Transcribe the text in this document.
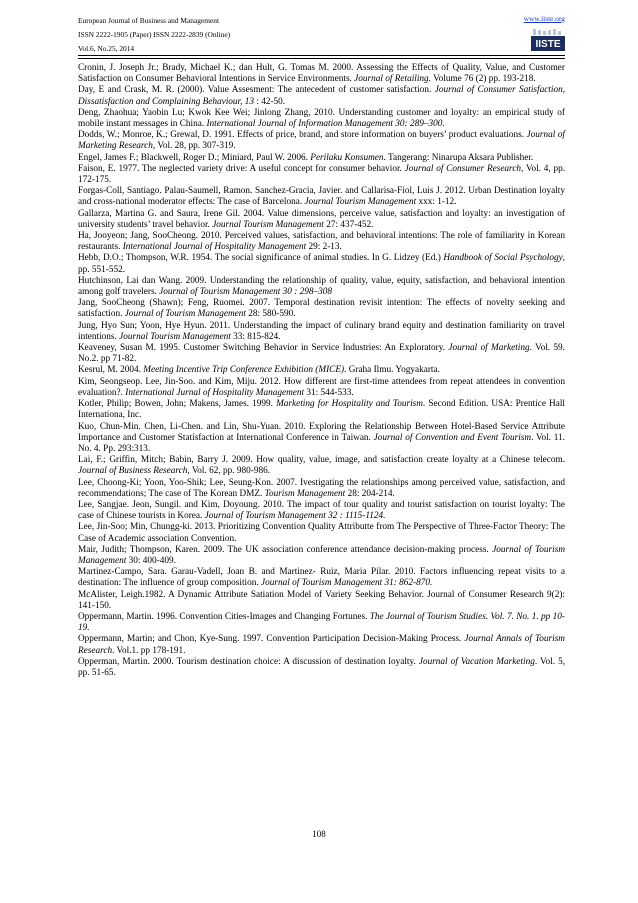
European Journal of Business and Management
ISSN 2222-1905 (Paper) ISSN 2222-2839 (Online)
Vol.6, No.25, 2014
www.iiste.org
IISTE

Cronin, J. Joseph Jr.; Brady, Michael K.; dan Hult, G. Tomas M. 2000. Assessing the Effects of Quality, Value, and Customer Satisfaction on Consumer Behavioral Intentions in Service Environments. Journal of Retailing. Volume 76 (2) pp. 193-218.

Day, E and Crask, M. R. (2000). Value Assesment: The antecedent of customer satisfaction. Journal of Consumer Satisfaction, Dissatisfaction and Complaining Behaviour, 13 : 42-50.

Deng, Zhaohua; Yaobin Lu; Kwok Kee Wei; Jinlong Zhang, 2010. Understanding customer and loyalty: an empirical study of mobile instant messages in China. International Journal of Information Management 30: 289–300.

Dodds, W.; Monroe, K.; Grewal, D. 1991. Effects of price, brand, and store information on buyers’ product evaluations. Journal of Marketing Research, Vol. 28, pp. 307-319.

Engel, James F.; Blackwell, Roger D.; Miniard, Paul W. 2006. Perilaku Konsumen. Tangerang: Ninarupa Aksara Publisher.

Faison, E. 1977. The neglected variety drive: A useful concept for consumer behavior. Journal of Consumer Research, Vol. 4, pp. 172-175.

Forgas-Coll, Santiago. Palau-Saumell, Ramon. Sanchez-Gracia, Javier. and Callarisa-Fiol, Luis J. 2012. Urban Destination loyalty and cross-national moderator effects: The case of Barcelona. Journal Tourism Management xxx: 1-12.

Gallarza, Martina G. and Saura, Irene Gil. 2004. Value dimensions, perceive value, satisfaction and loyalty: an investigation of university students’ travel behavior. Journal Tourism Management 27: 437-452.

Ha, Jooyeon; Jang, SooCheong. 2010. Perceived values, satisfaction, and behavioral intentions: The role of familiarity in Korean restaurants. International Journal of Hospitality Management 29: 2-13.

Hebb, D.O.; Thompson, W.R. 1954. The social significance of animal studies. In G. Lidzey (Ed.) Handbook of Social Psychology, pp. 551-552.

Hutchinson, Lai dan Wang. 2009. Understanding the relationship of quality, value, equity, satisfaction, and behavioral intention among golf travelers. Journal of Tourism Management 30 : 298–308

Jang, SooCheong (Shawn); Feng, Ruomei. 2007. Temporal destination revisit intention: The effects of novelty seeking and satisfaction. Journal of Tourism Management 28: 580-590.

Jung, Hyo Sun; Yoon, Hye Hyun. 2011. Understanding the impact of culinary brand equity and destination familiarity on travel intentions. Journal Tourism Management 33: 815-824.

Keaveney, Susan M. 1995. Customer Switching Behavior in Service Industries: An Exploratory. Journal of Marketing. Vol. 59. No.2. pp 71-82.

Kesrul, M. 2004. Meeting Incentive Trip Conference Exhibition (MICE). Graha Ilmu. Yogyakarta.

Kim, Seongseop. Lee, Jin-Soo. and Kim, Miju. 2012. How different are first-time attendees from repeat attendees in convention evaluation?. International Jurnal of Hospitality Management 31: 544-533.

Kotler, Philip; Bowen, John; Makens, James. 1999. Marketing for Hospitality and Tourism. Second Edition. USA: Prentice Hall Internationa, Inc.

Kuo, Chun-Min. Chen, Li-Chen. and Lin, Shu-Yuan. 2010. Exploring the Relationship Between Hotel-Based Service Attribute Importance and Customer Statisfaction at International Conference in Taiwan. Journal of Convention and Event Tourism. Vol. 11. No. 4. Pp. 293:313.

Lai, F.; Griffin, Mitch; Babin, Barry J. 2009. How quality, value, image, and satisfaction create loyalty at a Chinese telecom. Journal of Business Research, Vol. 62, pp. 980-986.

Lee, Choong-Ki; Yoon, Yoo-Shik; Lee, Seung-Kon. 2007. Ivestigating the relationships among perceived value, satisfaction, and recommendations; The case of The Korean DMZ. Tourism Management 28: 204-214.

Lee, Sangjae. Jeon, Sungil. and Kim, Doyoung. 2010. The impact of tour quality and tourist satisfaction on tourist loyalty: The case of Chinese tourists in Korea. Journal of Tourism Management 32 : 1115-1124.

Lee, Jin-Soo; Min, Chungg-ki. 2013. Prioritizing Convention Quality Attributte from The Perspective of Three-Factor Theory: The Case of Academic association Convention.

Mair, Judith; Thompson, Karen. 2009. The UK association conference attendance decision-making process. Journal of Tourism Management 30: 400-409.

Martinez-Campo, Sara. Garau-Vadell, Joan B. and Martinez- Ruiz, Maria Pilar. 2010. Factors influencing repeat visits to a destination: The influence of group composition. Journal of Tourism Management 31: 862-870.

McAlister, Leigh.1982. A Dynamic Attribute Satiation Model of Variety Seeking Behavior. Journal of Consumer Research 9(2): 141-150.

Oppermann, Martin. 1996. Convention Cities-Images and Changing Fortunes. The Journal of Tourism Studies. Vol. 7. No. 1. pp 10-19.

Oppermann, Martin; and Chon, Kye-Sung. 1997. Convention Participation Decision-Making Process. Journal Annals of Tourism Research. Vol.1. pp 178-191.

Opperman, Martin. 2000. Tourism destination choice: A discussion of destination loyalty. Journal of Vacation Marketing. Vol. 5, pp. 51-65.

108
